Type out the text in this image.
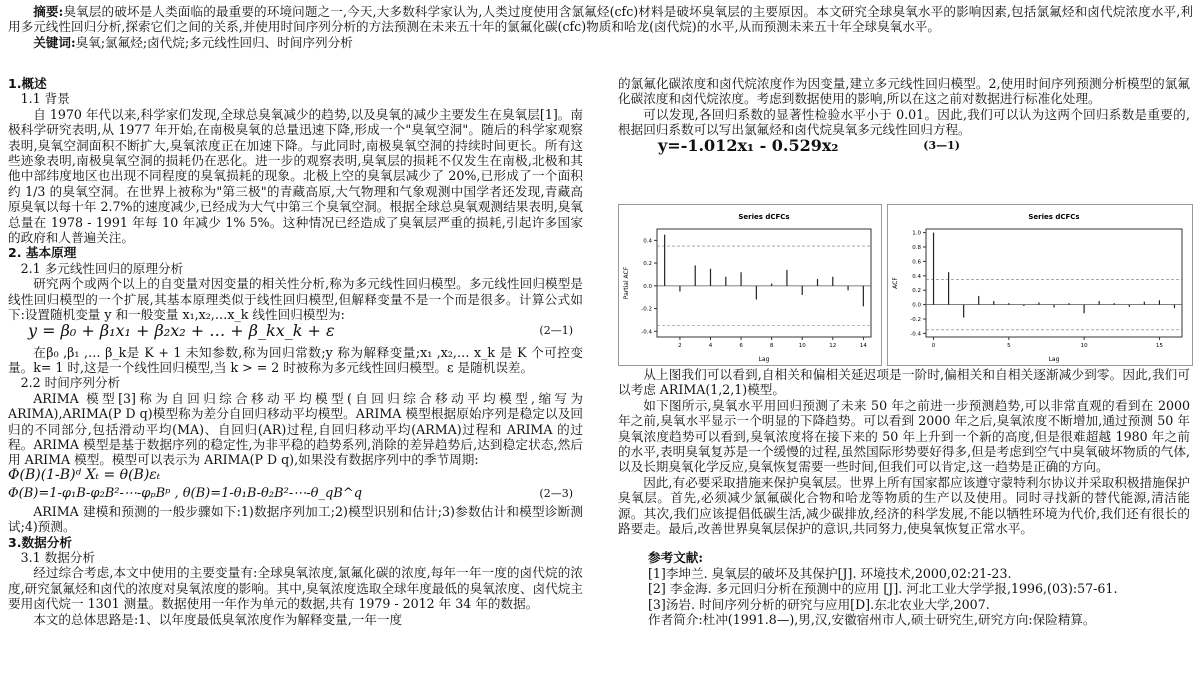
摘要:臭氧层的破坏是人类面临的最重要的环境问题之一,今天,大多数科学家认为,人类过度使用含氯氟烃(cfc)材料是破坏臭氧层的主要原因。本文研究全球臭氧水平的影响因素,包括氯氟烃和卤代烷浓度水平,利用多元线性回归分析,探索它们之间的关系,并使用时间序列分析的方法预测在未来五十年的氯氟化碳(cfc)物质和哈龙(卤代烷)的水平,从而预测未来五十年全球臭氧水平。

关键词:臭氧;氯氟烃;卤代烷;多元线性回归、时间序列分析

1.概述
1.1 背景

自 1970 年代以来,科学家们发现,全球总臭氧减少的趋势,以及臭氧的减少主要发生在臭氧层[1]。南极科学研究表明,从 1977 年开始,在南极臭氧的总量迅速下降,形成一个"臭氧空洞"。随后的科学家观察表明,臭氧空洞面积不断扩大,臭氧浓度正在加速下降。与此同时,南极臭氧空洞的持续时间更长。所有这些迹象表明,南极臭氧空洞的损耗仍在恶化。进一步的观察表明,臭氧层的损耗不仅发生在南极,北极和其他中部纬度地区也出现不同程度的臭氧损耗的现象。北极上空的臭氧层减少了 20%,已形成了一个面积约 1/3 的臭氧空洞。在世界上被称为"第三极"的青藏高原,大气物理和气象观测中国学者还发现,青藏高原臭氧以每十年 2.7%的速度减少,已经成为大气中第三个臭氧空洞。根据全球总臭氧观测结果表明,臭氧总量在 1978 - 1991 年每 10 年减少 1% 5%。这种情况已经造成了臭氧层严重的损耗,引起许多国家的政府和人普遍关注。

2. 基本原理
2.1 多元线性回归的原理分析

研究两个或两个以上的自变量对因变量的相关性分析,称为多元线性回归模型。多元线性回归模型是线性回归模型的一个扩展,其基本原理类似于线性回归模型,但解释变量不是一个而是很多。计算公式如下:设置随机变量 y 和一般变量 x₁,x₂,…x_k 线性回归模型为:

y = β₀ + β₁x₁ + β₂x₂ + … + β_kx_k + ε	(2—1)

在β₀ ,β₁ ,… β_k是 K + 1 未知参数,称为回归常数;y 称为解释变量;x₁ ,x₂,… x_k 是 K 个可控变量。k= 1 时,这是一个线性回归模型,当 k > = 2 时被称为多元线性回归模型。ε 是随机误差。

2.2 时间序列分析

ARIMA 模型[3]称为自回归综合移动平均模型(自回归综合移动平均模型,缩写为 ARIMA),ARIMA(P D q)模型称为差分自回归移动平均模型。ARIMA 模型根据原始序列是稳定以及回归的不同部分,包括滑动平均(MA)、自回归(AR)过程,自回归移动平均(ARMA)过程和 ARIMA 的过程。ARIMA 模型是基于数据序列的稳定性,为非平稳的趋势系列,消除的差异趋势后,达到稳定状态,然后用 ARIMA 模型。模型可以表示为 ARIMA(P D q),如果没有数据序列中的季节周期:

Φ(B)(1-B)ᵈ Xₜ = θ(B)εₜ
Φ(B)=1-φ₁B-φ₂B²-⋯-φₚBᵖ , θ(B)=1-θ₁B-θ₂B²-⋯-θ_qB^q	(2—3)

ARIMA 建模和预测的一般步骤如下:1)数据序列加工;2)模型识别和估计;3)参数估计和模型诊断测试;4)预测。

3.数据分析
3.1 数据分析

经过综合考虑,本文中使用的主要变量有:全球臭氧浓度,氯氟化碳的浓度,每年一年一度的卤代烷的浓度,研究氯氟烃和卤代的浓度对臭氧浓度的影响。其中,臭氧浓度选取全球年度最低的臭氧浓度、卤代烷主要用卤代烷一 1301 测量。数据使用一年作为单元的数据,共有 1979 - 2012 年 34 年的数据。

本文的总体思路是:1、以年度最低臭氧浓度作为解释变量,一年一度

的氯氟化碳浓度和卤代烷浓度作为因变量,建立多元线性回归模型。2,使用时间序列预测分析模型的氯氟化碳浓度和卤代烷浓度。考虑到数据使用的影响,所以在这之前对数据进行标准化处理。

可以发现,各回归系数的显著性检验水平小于 0.01。因此,我们可以认为这两个回归系数是重要的,根据回归系数可以写出氯氟烃和卤代烷臭氧多元线性回归方程。

y=-1.012x₁ - 0.529x₂	(3—1)
Series dCFCs
Lag
Partial ACF
0.4
0.2
0.0
-0.2
-0.4
2	4	6	8	10	12	14
Series dCFCs
Lag
ACF
1.0
0.8
0.6
0.4
0.2
0.0
-0.2
-0.4
0	5	10	15

从上图我们可以看到,自相关和偏相关延迟项是一阶时,偏相关和自相关逐渐减少到零。因此,我们可以考虑 ARIMA(1,2,1)模型。

如下图所示,臭氧水平用回归预测了未来 50 年之前进一步预测趋势,可以非常直观的看到在 2000 年之前,臭氧水平显示一个明显的下降趋势。可以看到 2000 年之后,臭氧浓度不断增加,通过预测 50 年臭氧浓度趋势可以看到,臭氧浓度将在接下来的 50 年上升到一个新的高度,但是很难超越 1980 年之前的水平,表明臭氧复苏是一个缓慢的过程,虽然国际形势要好得多,但是考虑到空气中臭氧破坏物质的气体,以及长期臭氧化学反应,臭氧恢复需要一些时间,但我们可以肯定,这一趋势是正确的方向。

因此,有必要采取措施来保护臭氧层。世界上所有国家都应该遵守蒙特利尔协议并采取积极措施保护臭氧层。首先,必须减少氯氟碳化合物和哈龙等物质的生产以及使用。同时寻找新的替代能源,清洁能源。其次,我们应该提倡低碳生活,减少碳排放,经济的科学发展,不能以牺牲环境为代价,我们还有很长的路要走。最后,改善世界臭氧层保护的意识,共同努力,使臭氧恢复正常水平。

参考文献:

[1]李坤兰. 臭氧层的破坏及其保护[J]. 环境技术,2000,02:21-23.

[2] 李金海. 多元回归分析在预测中的应用 [J]. 河北工业大学学报,1996,(03):57-61.

[3]汤岩. 时间序列分析的研究与应用[D].东北农业大学,2007.

作者简介:杜冲(1991.8—),男,汉,安徽宿州市人,硕士研究生,研究方向:保险精算。
